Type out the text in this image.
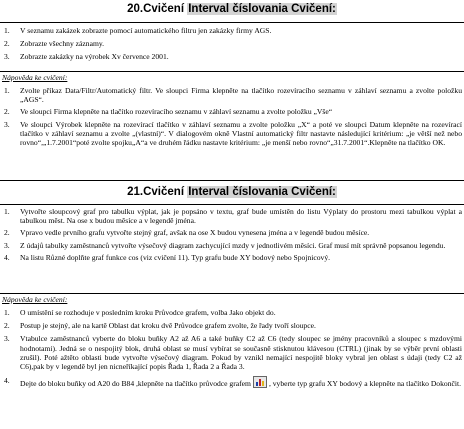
20.Cvičení Interval číslovania Cvičení:
1. V seznamu zakázek zobrazte pomocí automatického filtru jen zakázky firmy AGS.
2. Zobrazte všechny záznamy.
3. Zobrazte zakázky na výrobek Xv července 2001.
Nápověda ke cvičení:
1. Zvolte příkaz Data/Filtr/Automatický filtr. Ve sloupci Firma klepněte na tlačítko rozevíracího seznamu v záhlaví seznamu a zvolte položku „AGS“.
2. Ve sloupci Firma klepněte na tlačítko rozevíracího seznamu v záhlaví seznamu a zvolte položku „Vše“
3. Ve sloupci Výrobek klepněte na rozevírací tlačítko v záhlaví seznamu a zvolte položku „X“ a poté ve sloupci Datum klepněte na rozevírací tlačítko v záhlaví seznamu a zvolte „(vlastní)“. V dialogovém okně Vlastní automatický filtr nastavte následující kritérium: „je větší než nebo rovno“,„1.7.2001“poté zvolte spojku„A“a ve druhém řádku nastavte kritérium: „je menší nebo rovno“„31.7.2001“.Klepněte na tlačítko OK.
21.Cvičení Interval číslovania Cvičení:
1. Vytvořte sloupcový graf pro tabulku výplat, jak je popsáno v textu, graf bude umístěn do listu Výplaty do prostoru mezi tabulkou výplat a tabulkou měst. Na ose x budou měsíce a v legendě jména.
2. Vpravo vedle prvního grafu vytvořte stejný graf, avšak na ose X budou vynesena jména a v legendě budou měsíce.
3. Z údajů tabulky zaměstnanců vytvořte výsečový diagram zachycující mzdy v jednotlivém měsíci. Graf musí mít správně popsanou legendu.
4. Na listu Různé doplňte graf funkce cos (viz cvičení 11). Typ grafu bude XY bodový nebo Spojnicový.
Nápověda ke cvičení:
1. O umístění se rozhoduje v posledním kroku Průvodce grafem, volba Jako objekt do.
2. Postup je stejný, ale na kartě Oblast dat kroku dvě Průvodce grafem zvolte, že řady tvoří sloupce.
3. Vtabulce zaměstnanců vyberte do bloku buňky A2 až A6 a také buňky C2 až C6 (tedy sloupec se jmény pracovníků a sloupec s mzdovými hodnotami). Jedná se o nespojitý blok, druhá oblast se musí vybírat se současně stisknutou klávesou (CTRL) (jinak by se výběr první oblasti zrušil). Poté ažtěto oblasti bude vytvořte výsečový diagram. Pokud by vznikl nemající nespojitě bloky vybral jen oblast s údaji (tedy C2 až C6),pak by v legendě byl jen nicneříkající popis Řada 1, Řada 2 a Řada 3.
4. Dejte do bloku buňky od A20 do B84 ,klepněte na tlačítko průvodce grafem , vyberte typ grafu XY bodový a klepněte na tlačítko Dokončit.
